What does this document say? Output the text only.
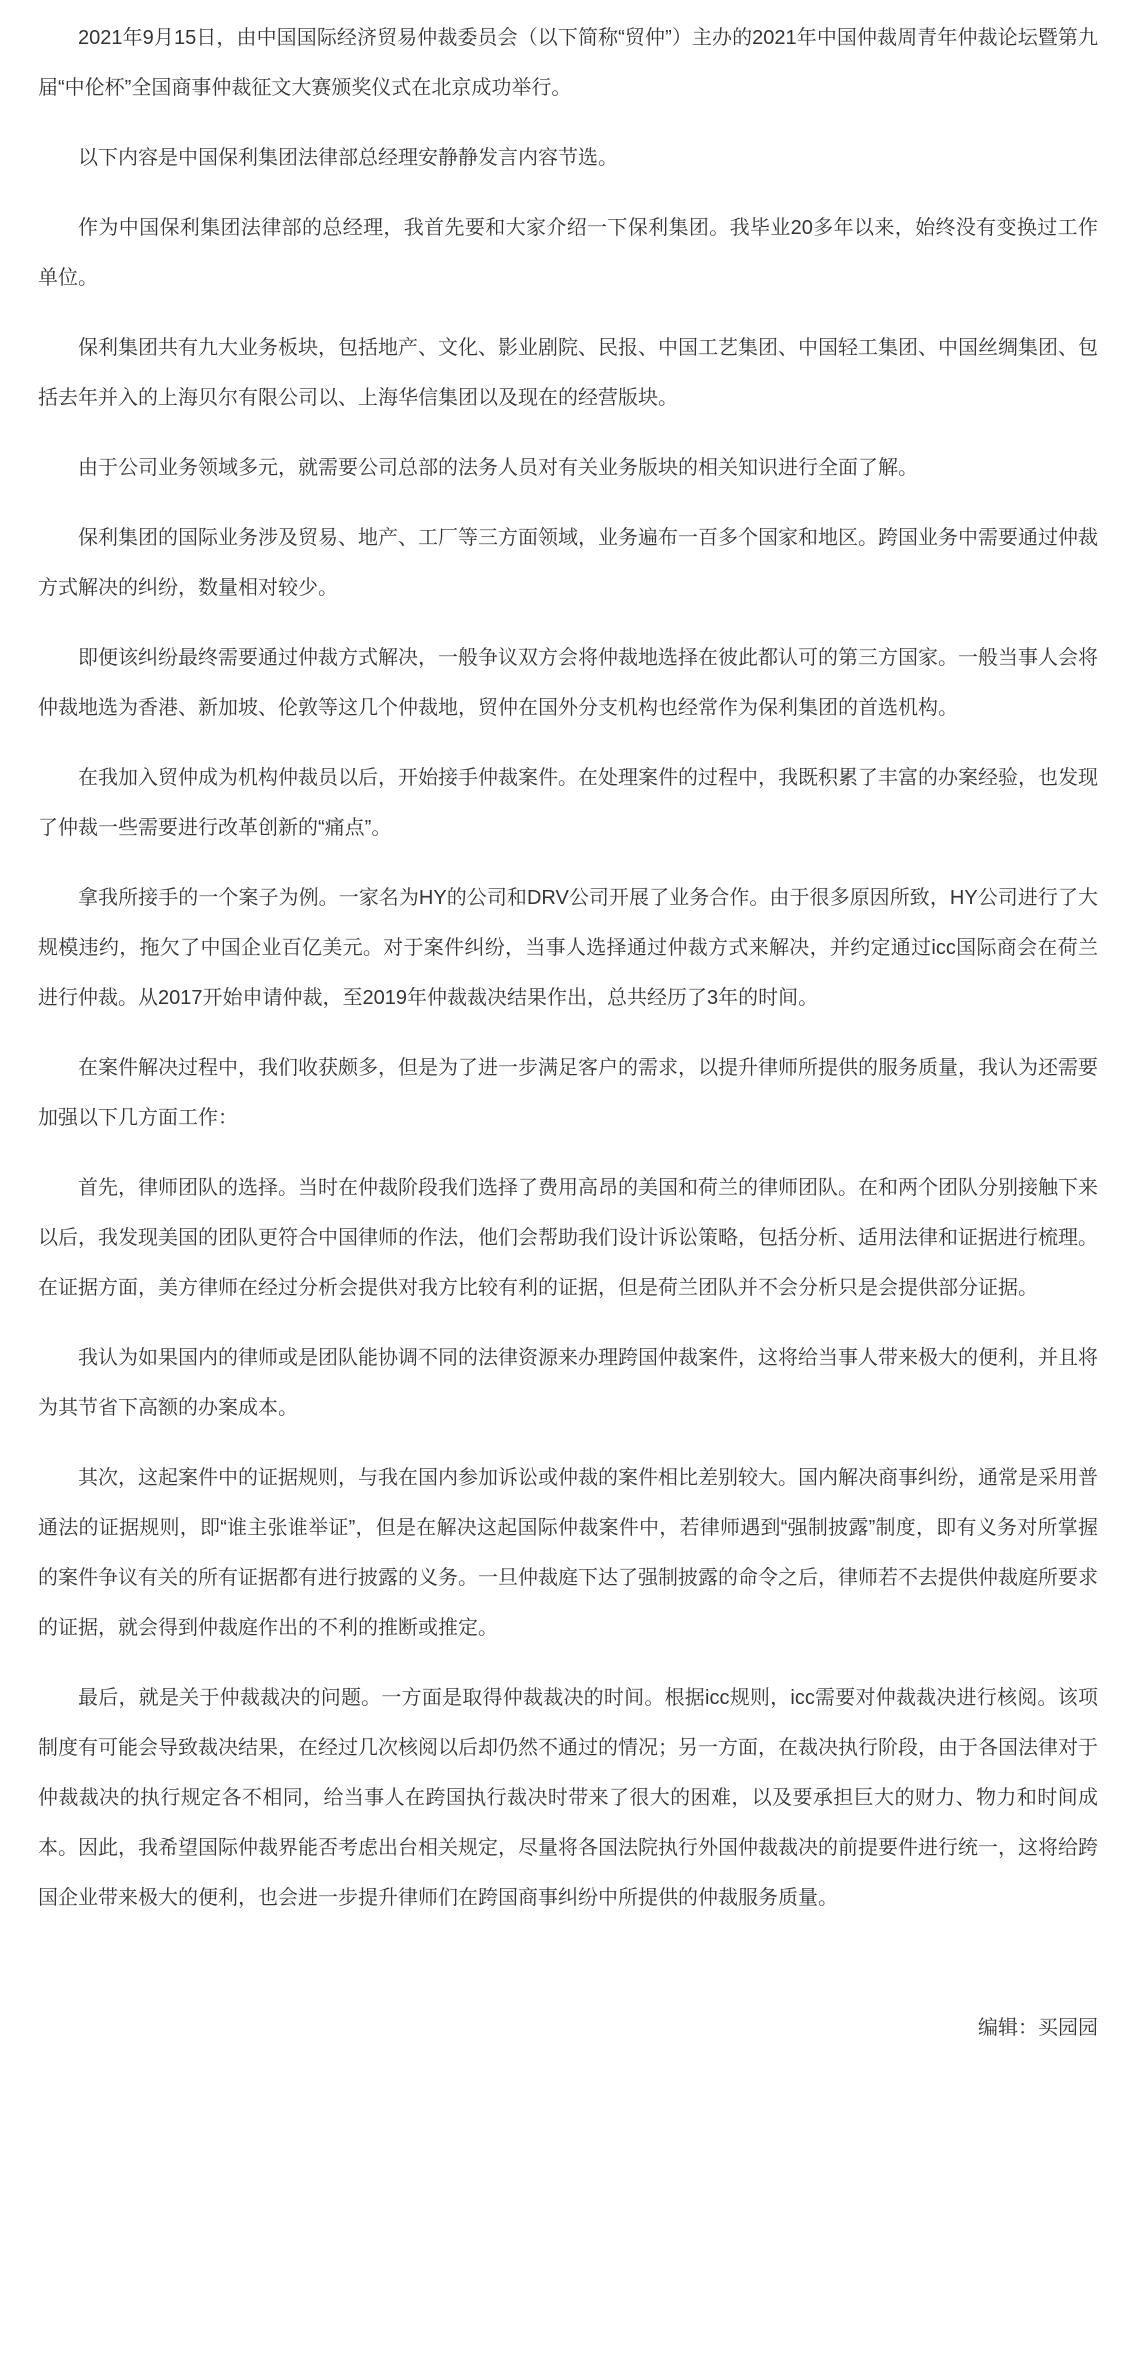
2021年9月15日，由中国国际经济贸易仲裁委员会（以下简称“贸仲”）主办的2021年中国仲裁周青年仲裁论坛暨第九届“中伦杯”全国商事仲裁征文大赛颁奖仪式在北京成功举行。

以下内容是中国保利集团法律部总经理安静静发言内容节选。

作为中国保利集团法律部的总经理，我首先要和大家介绍一下保利集团。我毕业20多年以来，始终没有变换过工作单位。

保利集团共有九大业务板块，包括地产、文化、影业剧院、民报、中国工艺集团、中国轻工集团、中国丝绸集团、包括去年并入的上海贝尔有限公司以、上海华信集团以及现在的经营版块。

由于公司业务领域多元，就需要公司总部的法务人员对有关业务版块的相关知识进行全面了解。

保利集团的国际业务涉及贸易、地产、工厂等三方面领域，业务遍布一百多个国家和地区。跨国业务中需要通过仲裁方式解决的纠纷，数量相对较少。

即便该纠纷最终需要通过仲裁方式解决，一般争议双方会将仲裁地选择在彼此都认可的第三方国家。一般当事人会将仲裁地选为香港、新加坡、伦敦等这几个仲裁地，贸仲在国外分支机构也经常作为保利集团的首选机构。

在我加入贸仲成为机构仲裁员以后，开始接手仲裁案件。在处理案件的过程中，我既积累了丰富的办案经验，也发现了仲裁一些需要进行改革创新的“痛点”。

拿我所接手的一个案子为例。一家名为HY的公司和DRV公司开展了业务合作。由于很多原因所致，HY公司进行了大规模违约，拖欠了中国企业百亿美元。对于案件纠纷，当事人选择通过仲裁方式来解决，并约定通过icc国际商会在荷兰进行仲裁。从2017开始申请仲裁，至2019年仲裁裁决结果作出，总共经历了3年的时间。

在案件解决过程中，我们收获颇多，但是为了进一步满足客户的需求，以提升律师所提供的服务质量，我认为还需要加强以下几方面工作：

首先，律师团队的选择。当时在仲裁阶段我们选择了费用高昂的美国和荷兰的律师团队。在和两个团队分别接触下来以后，我发现美国的团队更符合中国律师的作法，他们会帮助我们设计诉讼策略，包括分析、适用法律和证据进行梳理。在证据方面，美方律师在经过分析会提供对我方比较有利的证据，但是荷兰团队并不会分析只是会提供部分证据。

我认为如果国内的律师或是团队能协调不同的法律资源来办理跨国仲裁案件，这将给当事人带来极大的便利，并且将为其节省下高额的办案成本。

其次，这起案件中的证据规则，与我在国内参加诉讼或仲裁的案件相比差别较大。国内解决商事纠纷，通常是采用普通法的证据规则，即“谁主张谁举证”，但是在解决这起国际仲裁案件中，若律师遇到“强制披露”制度，即有义务对所掌握的案件争议有关的所有证据都有进行披露的义务。一旦仲裁庭下达了强制披露的命令之后，律师若不去提供仲裁庭所要求的证据，就会得到仲裁庭作出的不利的推断或推定。

最后，就是关于仲裁裁决的问题。一方面是取得仲裁裁决的时间。根据icc规则，icc需要对仲裁裁决进行核阅。该项制度有可能会导致裁决结果，在经过几次核阅以后却仍然不通过的情况；另一方面，在裁决执行阶段，由于各国法律对于仲裁裁决的执行规定各不相同，给当事人在跨国执行裁决时带来了很大的困难，以及要承担巨大的财力、物力和时间成本。因此，我希望国际仲裁界能否考虑出台相关规定，尽量将各国法院执行外国仲裁裁决的前提要件进行统一，这将给跨国企业带来极大的便利，也会进一步提升律师们在跨国商事纠纷中所提供的仲裁服务质量。

编辑：买园园
